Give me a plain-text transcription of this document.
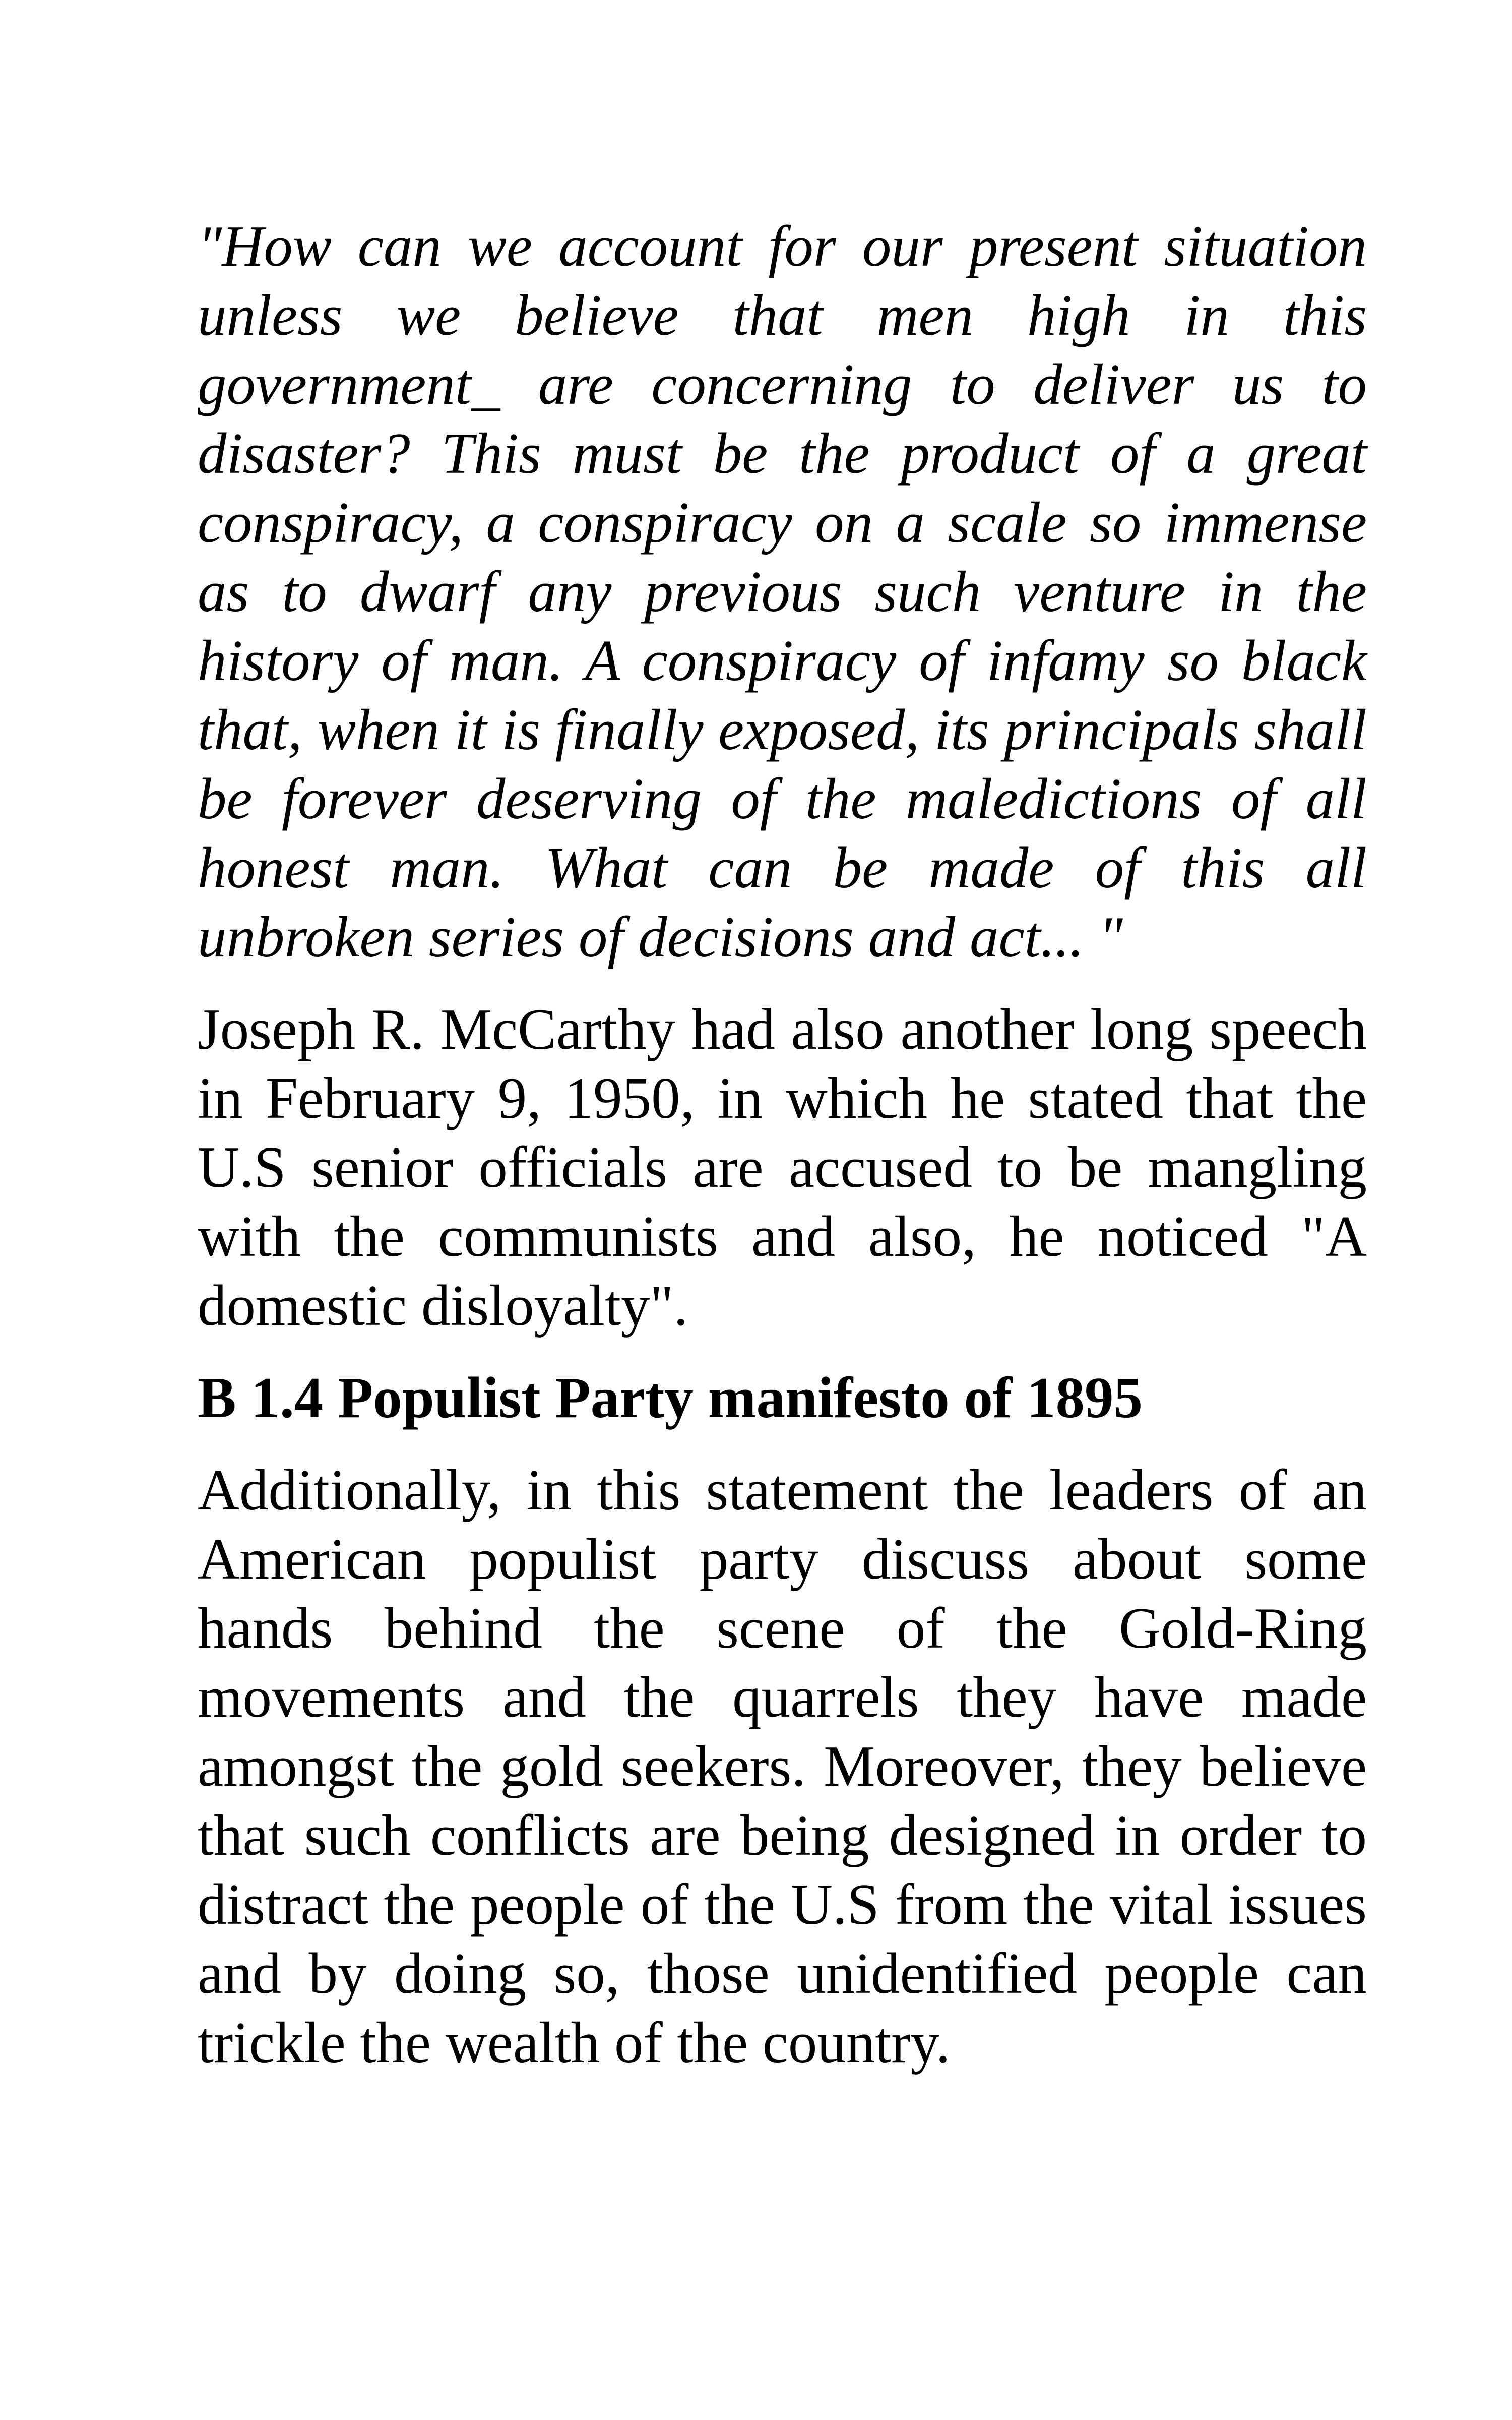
"How can we account for our present situation unless we believe that men high in this government_ are concerning to deliver us to disaster? This must be the product of a great conspiracy, a conspiracy on a scale so immense as to dwarf any previous such venture in the history of man. A conspiracy of infamy so black that, when it is finally exposed, its principals shall be forever deserving of the maledictions of all honest man. What can be made of this all unbroken series of decisions and act... "

Joseph R. McCarthy had also another long speech in February 9, 1950, in which he stated that the U.S senior officials are accused to be mangling with the communists and also, he noticed "A domestic disloyalty".

B 1.4 Populist Party manifesto of 1895

Additionally, in this statement the leaders of an American populist party discuss about some hands behind the scene of the Gold-Ring movements and the quarrels they have made amongst the gold seekers. Moreover, they believe that such conflicts are being designed in order to distract the people of the U.S from the vital issues and by doing so, those unidentified people can trickle the wealth of the country.
